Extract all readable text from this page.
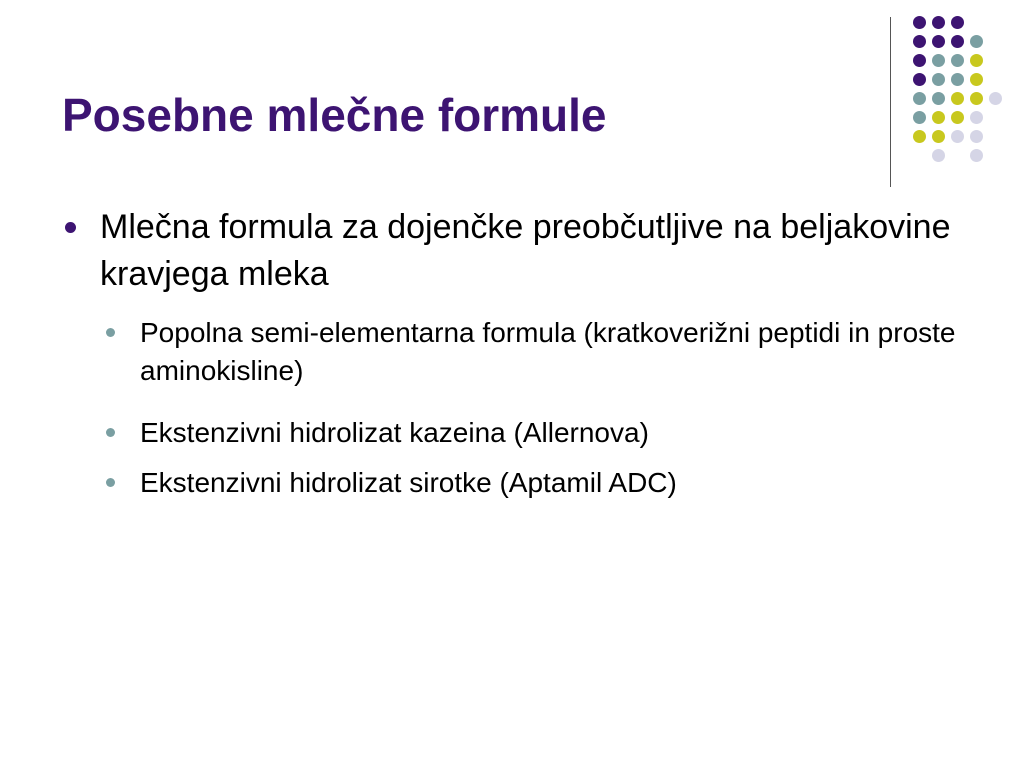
Posebne mlečne formule
Mlečna formula za dojenčke preobčutljive na beljakovine kravjega mleka
Popolna semi-elementarna formula (kratkoverižni peptidi in proste aminokisline)
Ekstenzivni hidrolizat kazeina (Allernova)
Ekstenzivni hidrolizat sirotke (Aptamil ADC)
